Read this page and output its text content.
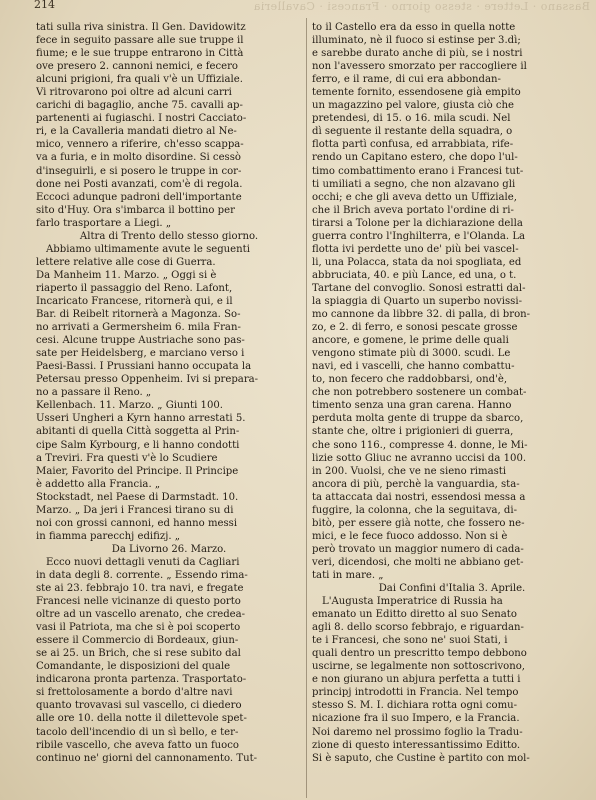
Bassano · Lettere · stesso giorno · Francesi · Cavalleria
214
tati sulla riva sinistra. Il Gen. Davidowitz
fece in seguito passare alle sue truppe il
fiume; e le sue truppe entrarono in Città
ove presero 2. cannoni nemici, e fecero
alcuni prigioni, fra quali v'è un Uffiziale.
Vi ritrovarono poi oltre ad alcuni carri
carichi di bagaglio, anche 75. cavalli ap-
partenenti ai fugiaschi. I nostri Cacciato-
ri, e la Cavalleria mandati dietro al Ne-
mico, vennero a riferire, ch'esso scappa-
va a furia, e in molto disordine. Si cessò
d'inseguirli, e si posero le truppe in cor-
done nei Posti avanzati, com'è di regola.
Eccoci adunque padroni dell'importante
sito d'Huy. Ora s'imbarca il bottino per
farlo trasportare a Liegi. „
Altra di Trento dello stesso giorno.
Abbiamo ultimamente avute le seguenti
lettere relative alle cose di Guerra.
Da Manheim 11. Marzo. „ Oggi si è
riaperto il passaggio del Reno. Lafont,
Incaricato Francese, ritornerà qui, e il
Bar. di Reibelt ritornerà a Magonza. So-
no arrivati a Germersheim 6. mila Fran-
cesi. Alcune truppe Austriache sono pas-
sate per Heidelsberg, e marciano verso i
Paesi-Bassi. I Prussiani hanno occupata la
Petersau presso Oppenheim. Ivi si prepara-
no a passare il Reno. „
Kellenbach. 11. Marzo. „ Giunti 100.
Usseri Ungheri a Kyrn hanno arrestati 5.
abitanti di quella Città soggetta al Prin-
cipe Salm Kyrbourg, e li hanno condotti
a Treviri. Fra questi v'è lo Scudiere
Maier, Favorito del Principe. Il Principe
è addetto alla Francia. „
Stockstadt, nel Paese di Darmstadt. 10.
Marzo. „ Da jeri i Francesi tirano su di
noi con grossi cannoni, ed hanno messi
in fiamma parecchj edifizj. „
Da Livorno 26. Marzo.
Ecco nuovi dettagli venuti da Cagliari
in data degli 8. corrente. „ Essendo rima-
ste ai 23. febbrajo 10. tra navi, e fregate
Francesi nelle vicinanze di questo porto
oltre ad un vascello arenato, che credea-
vasi il Patriota, ma che si è poi scoperto
essere il Commercio di Bordeaux, giun-
se ai 25. un Brich, che si rese subito dal
Comandante, le disposizioni del quale
indicarona pronta partenza. Trasportato-
si frettolosamente a bordo d'altre navi
quanto trovavasi sul vascello, ci diedero
alle ore 10. della notte il dilettevole spet-
tacolo dell'incendio di un sì bello, e ter-
ribile vascello, che aveva fatto un fuoco
continuo ne' giorni del cannonamento. Tut-
to il Castello era da esso in quella notte
illuminato, nè il fuoco si estinse per 3.dì;
e sarebbe durato anche di più, se i nostri
non l'avessero smorzato per raccogliere il
ferro, e il rame, di cui era abbondan-
temente fornito, essendosene già empito
un magazzino pel valore, giusta ciò che
pretendesi, di 15. o 16. mila scudi. Nel
dì seguente il restante della squadra, o
flotta partì confusa, ed arrabbiata, rife-
rendo un Capitano estero, che dopo l'ul-
timo combattimento erano i Francesi tut-
ti umiliati a segno, che non alzavano gli
occhi; e che gli aveva detto un Uffiziale,
che il Brich aveva portato l'ordine di ri-
tirarsi a Tolone per la dichiarazione della
guerra contro l'Inghilterra, e l'Olanda. La
flotta ivi perdette uno de' più bei vascel-
li, una Polacca, stata da noi spogliata, ed
abbruciata, 40. e più Lance, ed una, o t.
Tartane del convoglio. Sonosi estratti dal-
la spiaggia di Quarto un superbo novissi-
mo cannone da libbre 32. di palla, di bron-
zo, e 2. di ferro, e sonosi pescate grosse
ancore, e gomene, le prime delle quali
vengono stimate più di 3000. scudi. Le
navi, ed i vascelli, che hanno combattu-
to, non fecero che raddobbarsi, ond'è,
che non potrebbero sostenere un combat-
timento senza una gran carena. Hanno
perduta molta gente di truppe da sbarco,
stante che, oltre i prigionieri di guerra,
che sono 116., compresse 4. donne, le Mi-
lizie sotto Gliuc ne avranno uccisi da 100.
in 200. Vuolsi, che ve ne sieno rimasti
ancora di più, perchè la vanguardia, sta-
ta attaccata dai nostri, essendosi messa a
fuggire, la colonna, che la seguitava, di-
bitò, per essere già notte, che fossero ne-
mici, e le fece fuoco addosso. Non si è
però trovato un maggior numero di cada-
veri, dicendosi, che molti ne abbiano get-
tati in mare. „
Dai Confini d'Italia 3. Aprile.
L'Augusta Imperatrice di Russia ha
emanato un Editto diretto al suo Senato
agli 8. dello scorso febbrajo, e riguardan-
te i Francesi, che sono ne' suoi Stati, i
quali dentro un prescritto tempo debbono
uscirne, se legalmente non sottoscrivono,
e non giurano un abjura perfetta a tutti i
principj introdotti in Francia. Nel tempo
stesso S. M. I. dichiara rotta ogni comu-
nicazione fra il suo Impero, e la Francia.
Noi daremo nel prossimo foglio la Tradu-
zione di questo interessantissimo Editto.
Si è saputo, che Custine è partito con mol-
